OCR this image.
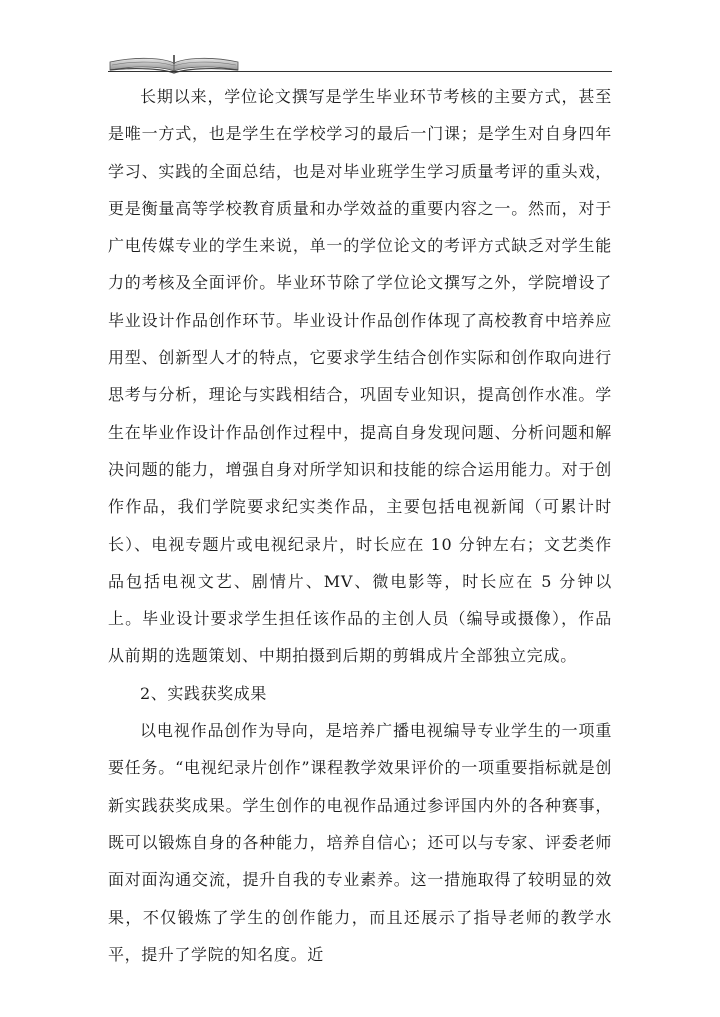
长期以来，学位论文撰写是学生毕业环节考核的主要方式，甚至是唯一方式，也是学生在学校学习的最后一门课；是学生对自身四年学习、实践的全面总结，也是对毕业班学生学习质量考评的重头戏，更是衡量高等学校教育质量和办学效益的重要内容之一。然而，对于广电传媒专业的学生来说，单一的学位论文的考评方式缺乏对学生能力的考核及全面评价。毕业环节除了学位论文撰写之外，学院增设了毕业设计作品创作环节。毕业设计作品创作体现了高校教育中培养应用型、创新型人才的特点，它要求学生结合创作实际和创作取向进行思考与分析，理论与实践相结合，巩固专业知识，提高创作水准。学生在毕业作设计作品创作过程中，提高自身发现问题、分析问题和解决问题的能力，增强自身对所学知识和技能的综合运用能力。对于创作作品，我们学院要求纪实类作品，主要包括电视新闻（可累计时长）、电视专题片或电视纪录片，时长应在 10 分钟左右；文艺类作品包括电视文艺、剧情片、MV、微电影等，时长应在 5 分钟以上。毕业设计要求学生担任该作品的主创人员（编导或摄像），作品从前期的选题策划、中期拍摄到后期的剪辑成片全部独立完成。

2、实践获奖成果

以电视作品创作为导向，是培养广播电视编导专业学生的一项重要任务。“电视纪录片创作”课程教学效果评价的一项重要指标就是创新实践获奖成果。学生创作的电视作品通过参评国内外的各种赛事，既可以锻炼自身的各种能力，培养自信心；还可以与专家、评委老师面对面沟通交流，提升自我的专业素养。这一措施取得了较明显的效果，不仅锻炼了学生的创作能力，而且还展示了指导老师的教学水平，提升了学院的知名度。近
